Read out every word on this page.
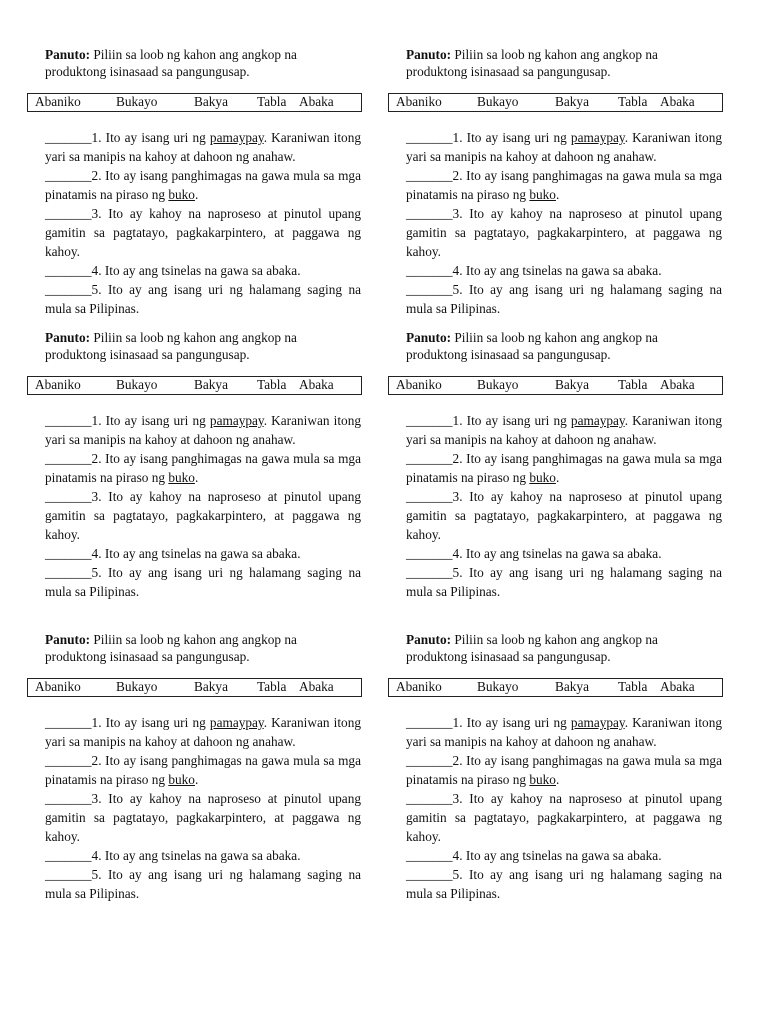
Panuto: Piliin sa loob ng kahon ang angkop na produktong isinasaad sa pangungusap.
Abaniko	Bukayo	Bakya Tabla Abaka

_______1. Ito ay isang uri ng pamaypay. Karaniwan itong yari sa manipis na kahoy at dahoon ng anahaw.

_______2. Ito ay isang panghimagas na gawa mula sa mga pinatamis na piraso ng buko.

_______3. Ito ay kahoy na naproseso at pinutol upang gamitin sa pagtatayo, pagkakarpintero, at paggawa ng kahoy.

_______4. Ito ay ang tsinelas na gawa sa abaka.

_______5. Ito ay ang isang uri ng halamang saging na mula sa Pilipinas.

Panuto: Piliin sa loob ng kahon ang angkop na produktong isinasaad sa pangungusap.
Abaniko	Bukayo	Bakya Tabla Abaka

_______1. Ito ay isang uri ng pamaypay. Karaniwan itong yari sa manipis na kahoy at dahoon ng anahaw.

_______2. Ito ay isang panghimagas na gawa mula sa mga pinatamis na piraso ng buko.

_______3. Ito ay kahoy na naproseso at pinutol upang gamitin sa pagtatayo, pagkakarpintero, at paggawa ng kahoy.

_______4. Ito ay ang tsinelas na gawa sa abaka.

_______5. Ito ay ang isang uri ng halamang saging na mula sa Pilipinas.

Panuto: Piliin sa loob ng kahon ang angkop na produktong isinasaad sa pangungusap.
Abaniko	Bukayo	Bakya Tabla Abaka

_______1. Ito ay isang uri ng pamaypay. Karaniwan itong yari sa manipis na kahoy at dahoon ng anahaw.

_______2. Ito ay isang panghimagas na gawa mula sa mga pinatamis na piraso ng buko.

_______3. Ito ay kahoy na naproseso at pinutol upang gamitin sa pagtatayo, pagkakarpintero, at paggawa ng kahoy.

_______4. Ito ay ang tsinelas na gawa sa abaka.

_______5. Ito ay ang isang uri ng halamang saging na mula sa Pilipinas.

Panuto: Piliin sa loob ng kahon ang angkop na produktong isinasaad sa pangungusap.
Abaniko	Bukayo	Bakya Tabla Abaka

_______1. Ito ay isang uri ng pamaypay. Karaniwan itong yari sa manipis na kahoy at dahoon ng anahaw.

_______2. Ito ay isang panghimagas na gawa mula sa mga pinatamis na piraso ng buko.

_______3. Ito ay kahoy na naproseso at pinutol upang gamitin sa pagtatayo, pagkakarpintero, at paggawa ng kahoy.

_______4. Ito ay ang tsinelas na gawa sa abaka.

_______5. Ito ay ang isang uri ng halamang saging na mula sa Pilipinas.

Panuto: Piliin sa loob ng kahon ang angkop na produktong isinasaad sa pangungusap.
Abaniko	Bukayo	Bakya Tabla Abaka

_______1. Ito ay isang uri ng pamaypay. Karaniwan itong yari sa manipis na kahoy at dahoon ng anahaw.

_______2. Ito ay isang panghimagas na gawa mula sa mga pinatamis na piraso ng buko.

_______3. Ito ay kahoy na naproseso at pinutol upang gamitin sa pagtatayo, pagkakarpintero, at paggawa ng kahoy.

_______4. Ito ay ang tsinelas na gawa sa abaka.

_______5. Ito ay ang isang uri ng halamang saging na mula sa Pilipinas.

Panuto: Piliin sa loob ng kahon ang angkop na produktong isinasaad sa pangungusap.
Abaniko	Bukayo	Bakya Tabla Abaka

_______1. Ito ay isang uri ng pamaypay. Karaniwan itong yari sa manipis na kahoy at dahoon ng anahaw.

_______2. Ito ay isang panghimagas na gawa mula sa mga pinatamis na piraso ng buko.

_______3. Ito ay kahoy na naproseso at pinutol upang gamitin sa pagtatayo, pagkakarpintero, at paggawa ng kahoy.

_______4. Ito ay ang tsinelas na gawa sa abaka.

_______5. Ito ay ang isang uri ng halamang saging na mula sa Pilipinas.
